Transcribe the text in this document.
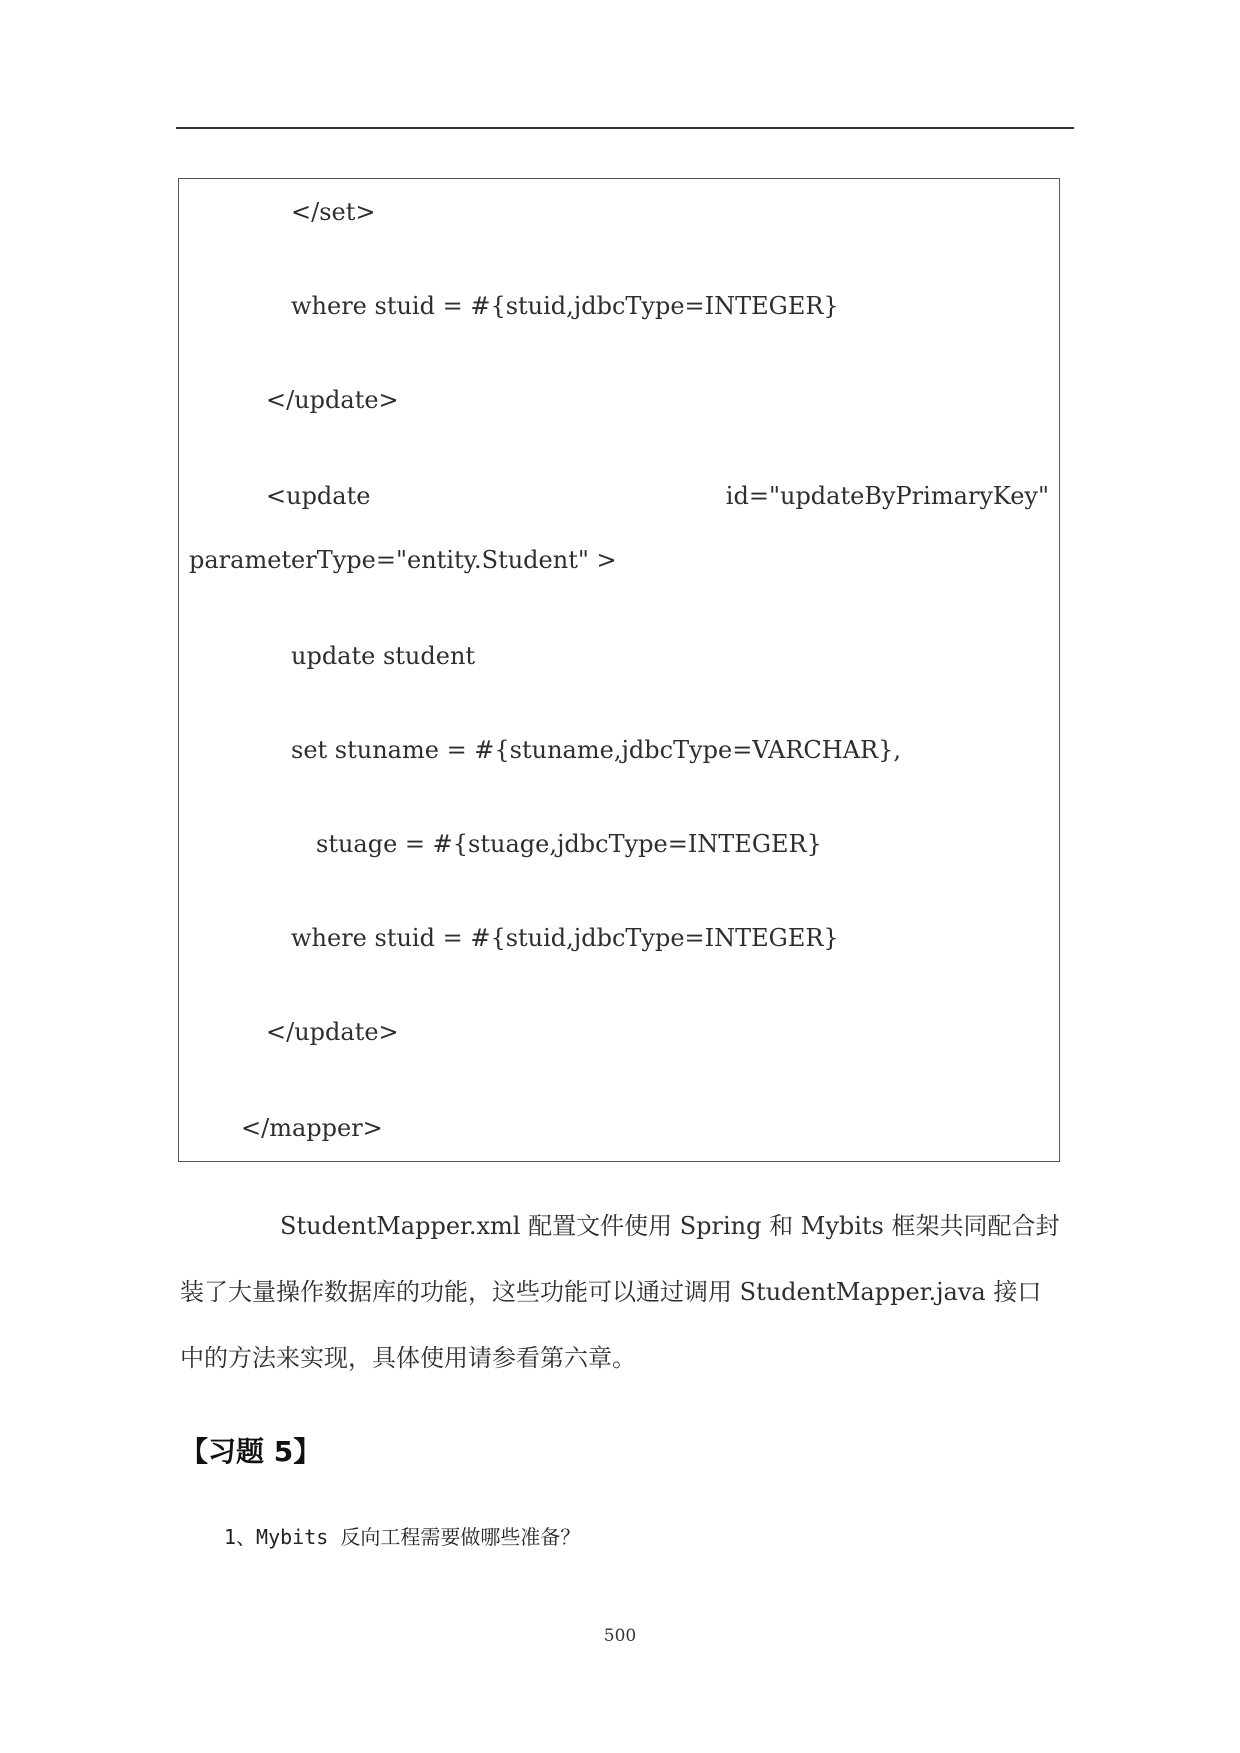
</set>
where stuid = #{stuid,jdbcType=INTEGER}
</update>
<update	id="updateByPrimaryKey"
parameterType="entity.Student" >
update student
set stuname = #{stuname,jdbcType=VARCHAR},
stuage = #{stuage,jdbcType=INTEGER}
where stuid = #{stuid,jdbcType=INTEGER}
</update>
</mapper>
StudentMapper.xml 配置文件使用 Spring 和 Mybits 框架共同配合封
装了大量操作数据库的功能，这些功能可以通过调用 StudentMapper.java 接口
中的方法来实现，具体使用请参看第六章。
【习题 5】
1、Mybits 反向工程需要做哪些准备？
500
